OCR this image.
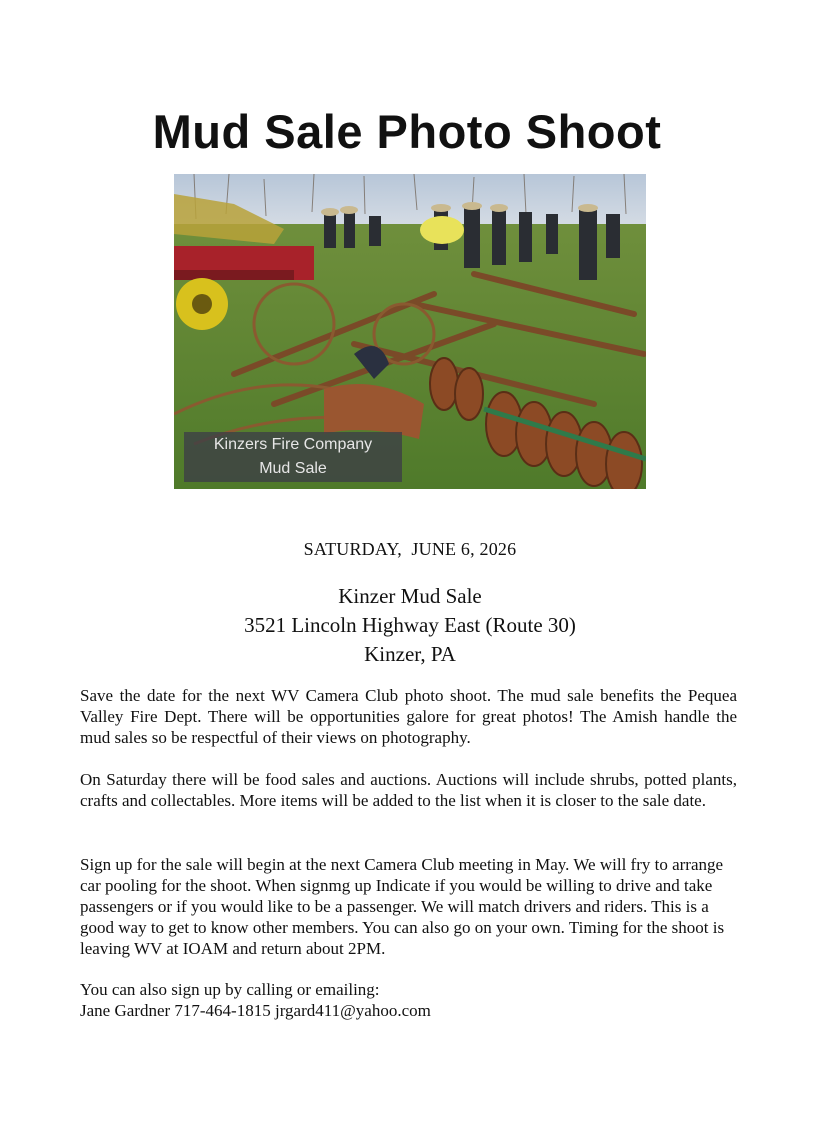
Mud Sale Photo Shoot
Kinzers Fire Company
Mud Sale
SATURDAY,  JUNE 6, 2026
Kinzer Mud Sale
3521 Lincoln Highway East (Route 30)
Kinzer, PA

Save the date for the next WV Camera Club photo shoot. The mud sale benefits the Pequea Valley Fire Dept. There will be opportunities galore for great photos! The Amish handle the mud sales so be respectful of their views on photography.

On Saturday there will be food sales and auctions. Auctions will include shrubs, potted plants, crafts and collectables. More items will be added to the list when it is closer to the sale date.

Sign up for the sale will begin at the next Camera Club meeting in May. We will fry to arrange car pooling for the shoot. When signmg up Indicate if you would be willing to drive and take passengers or if you would like to be a passenger. We will match drivers and riders. This is a good way to get to know other members. You can also go on your own. Timing for the shoot is leaving WV at IOAM and return about 2PM.

You can also sign up by calling or emailing:
Jane Gardner 717-464-1815 jrgard411@yahoo.com
